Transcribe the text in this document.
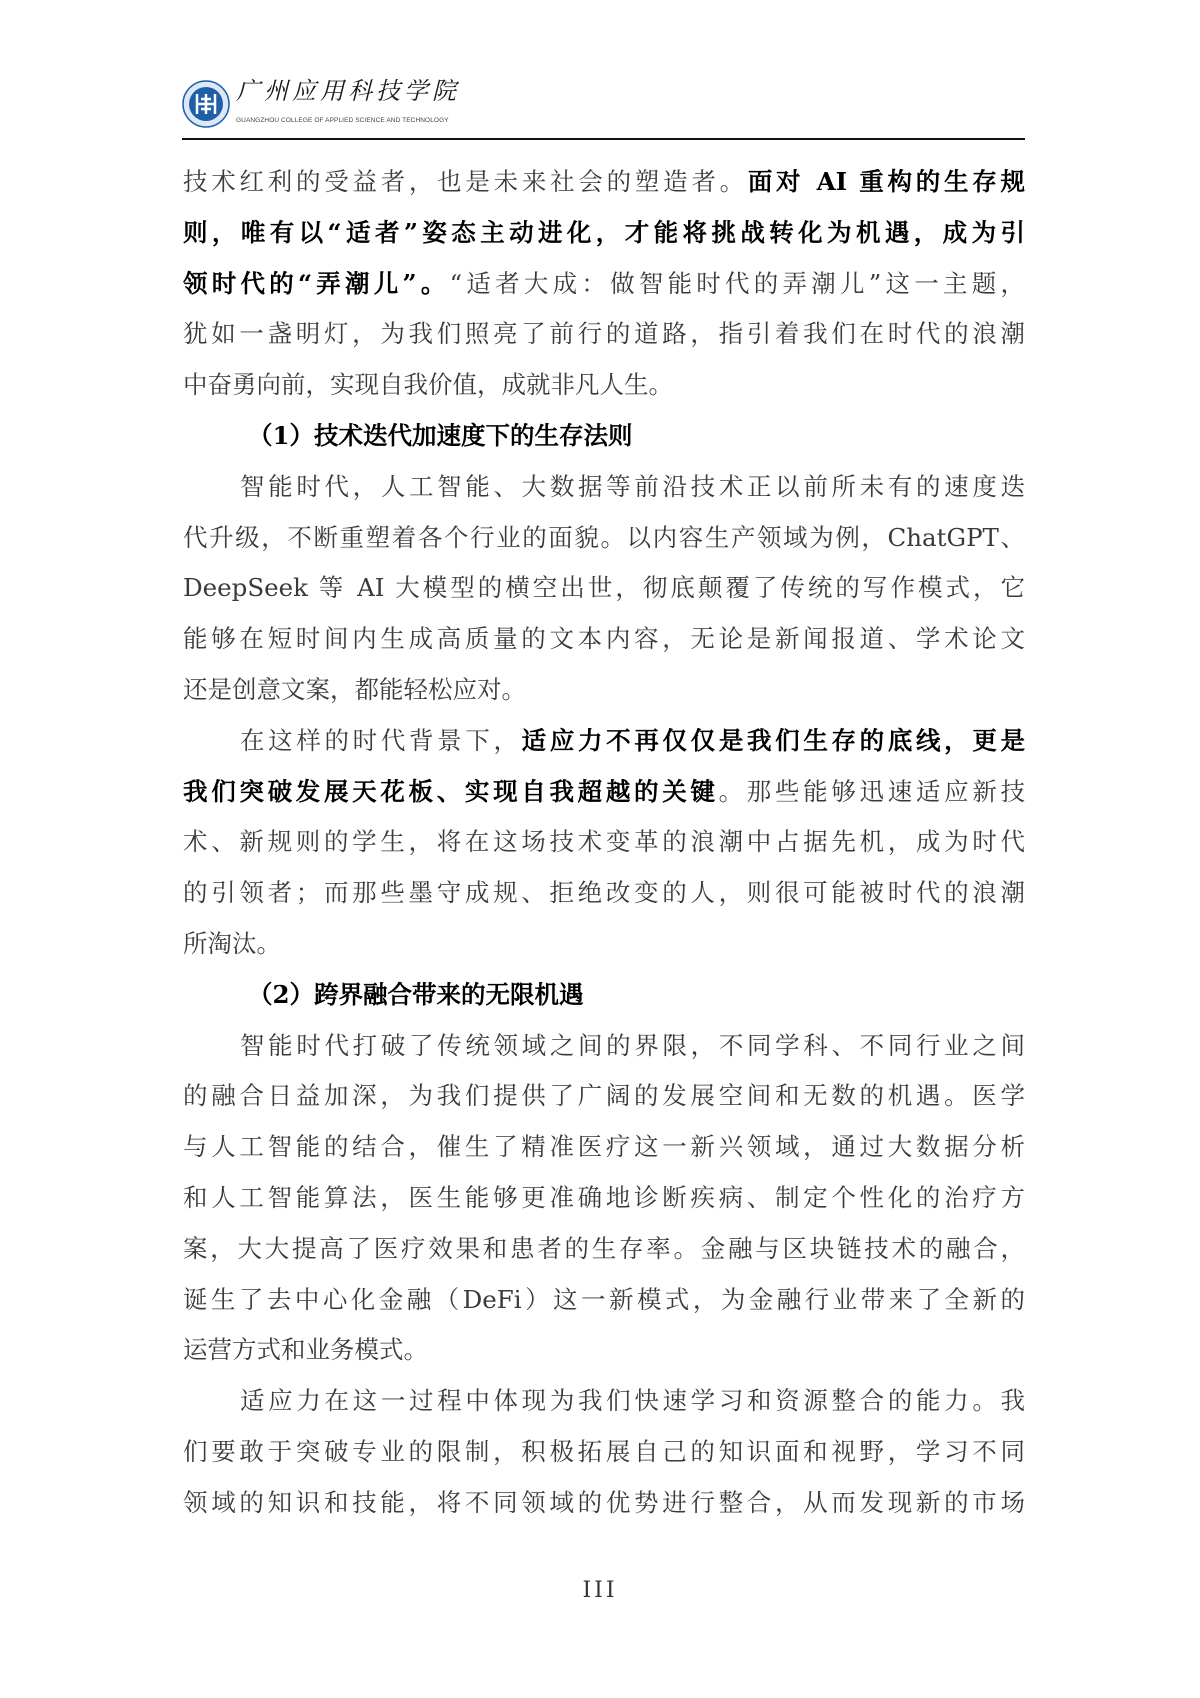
广州应用科技学院
GUANGZHOU COLLEGE OF APPLIED SCIENCE AND TECHNOLOGY
技术红利的受益者，也是未来社会的塑造者。面对 AI 重构的生存规
则，唯有以“适者”姿态主动进化，才能将挑战转化为机遇，成为引
领时代的“弄潮儿”。“适者大成：做智能时代的弄潮儿”这一主题，
犹如一盏明灯，为我们照亮了前行的道路，指引着我们在时代的浪潮
中奋勇向前，实现自我价值，成就非凡人生。
（1）技术迭代加速度下的生存法则
智能时代，人工智能、大数据等前沿技术正以前所未有的速度迭
代升级，不断重塑着各个行业的面貌。以内容生产领域为例，ChatGPT、
DeepSeek 等 AI 大模型的横空出世，彻底颠覆了传统的写作模式，它
能够在短时间内生成高质量的文本内容，无论是新闻报道、学术论文
还是创意文案，都能轻松应对。
在这样的时代背景下，适应力不再仅仅是我们生存的底线，更是
我们突破发展天花板、实现自我超越的关键。那些能够迅速适应新技
术、新规则的学生，将在这场技术变革的浪潮中占据先机，成为时代
的引领者；而那些墨守成规、拒绝改变的人，则很可能被时代的浪潮
所淘汰。
（2）跨界融合带来的无限机遇
智能时代打破了传统领域之间的界限，不同学科、不同行业之间
的融合日益加深，为我们提供了广阔的发展空间和无数的机遇。医学
与人工智能的结合，催生了精准医疗这一新兴领域，通过大数据分析
和人工智能算法，医生能够更准确地诊断疾病、制定个性化的治疗方
案，大大提高了医疗效果和患者的生存率。金融与区块链技术的融合，
诞生了去中心化金融（DeFi）这一新模式，为金融行业带来了全新的
运营方式和业务模式。
适应力在这一过程中体现为我们快速学习和资源整合的能力。我
们要敢于突破专业的限制，积极拓展自己的知识面和视野，学习不同
领域的知识和技能，将不同领域的优势进行整合，从而发现新的市场
III
